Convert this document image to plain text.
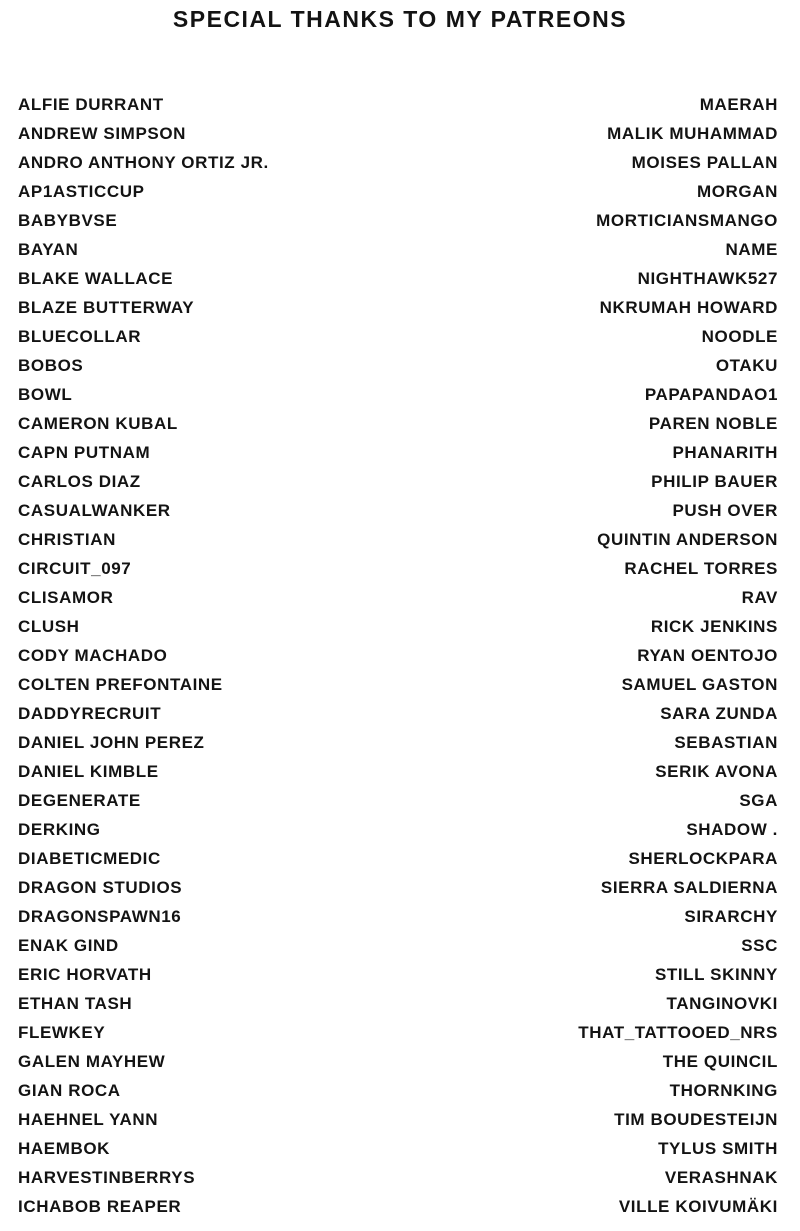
SPECIAL THANKS TO MY PATREONS
ALFIE DURRANT	MAERAH
ANDREW SIMPSON	MALIK MUHAMMAD
ANDRO ANTHONY ORTIZ JR.	MOISES PALLAN
AP1ASTICCUP	MORGAN
BABYBVSE	MORTICIANSMANGO
BAYAN	NAME
BLAKE WALLACE	NIGHTHAWK527
BLAZE BUTTERWAY	NKRUMAH HOWARD
BLUECOLLAR	NOODLE
BOBOS	OTAKU
BOWL	PAPAPANDAO1
CAMERON KUBAL	PAREN NOBLE
CAPN PUTNAM	PHANARITH
CARLOS DIAZ	PHILIP BAUER
CASUALWANKER	PUSH OVER
CHRISTIAN	QUINTIN ANDERSON
CIRCUIT_097	RACHEL TORRES
CLISAMOR	RAV
CLUSH	RICK JENKINS
CODY MACHADO	RYAN OENTOJO
COLTEN PREFONTAINE	SAMUEL GASTON
DADDYRECRUIT	SARA ZUNDA
DANIEL JOHN PEREZ	SEBASTIAN
DANIEL KIMBLE	SERIK AVONA
DEGENERATE	SGA
DERKING	SHADOW .
DIABETICMEDIC	SHERLOCKPARA
DRAGON STUDIOS	SIERRA SALDIERNA
DRAGONSPAWN16	SIRARCHY
ENAK GIND	SSC
ERIC HORVATH	STILL SKINNY
ETHAN TASH	TANGINOVKI
FLEWKEY	THAT_TATTOOED_NRS
GALEN MAYHEW	THE QUINCIL
GIAN ROCA	THORNKING
HAEHNEL YANN	TIM BOUDESTEIJN
HAEMBOK	TYLUS SMITH
HARVESTINBERRYS	VERASHNAK
ICHABOB REAPER	VILLE KOIVUMÄKI
